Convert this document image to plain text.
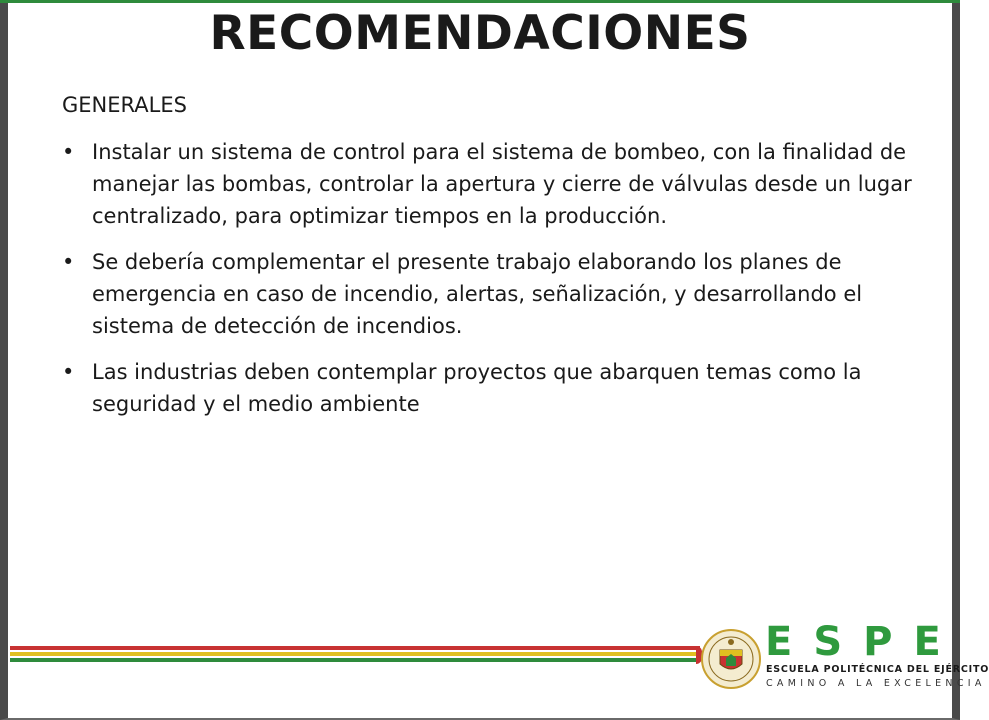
RECOMENDACIONES
GENERALES
• Instalar un sistema de control para el sistema de bombeo, con la finalidad de manejar las bombas, controlar la apertura y cierre de válvulas desde un lugar centralizado, para optimizar tiempos en la producción.
• Se debería complementar el presente trabajo elaborando los planes de emergencia en caso de incendio, alertas, señalización, y desarrollando el sistema de detección de incendios.
• Las industrias deben contemplar proyectos que abarquen temas como la seguridad y el medio ambiente
ESPE
ESCUELA POLITÉCNICA DEL EJÉRCITO
CAMINO A LA EXCELENCIA
